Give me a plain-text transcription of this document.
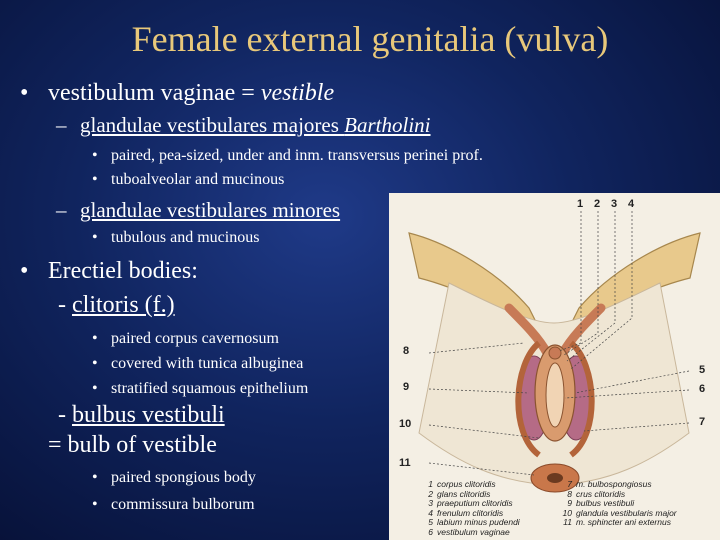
Female external genitalia (vulva)
• vestibulum vaginae = vestible
– glandulae vestibulares majores Bartholini
• paired, pea-sized, under and inm. transversus perinei prof.
• tuboalveolar and mucinous
– glandulae vestibulares minores
• tubulous and mucinous
• Erectiel bodies:
- clitoris (f.)
• paired corpus cavernosum
• covered with tunica albuginea
• stratified squamous epithelium
- bulbus vestibuli
= bulb of vestible
• paired spongious body
• commissura bulborum
1 2 3 4
8
9
10
11
5
6
7
1 corpus clitoridis
2 glans clitoridis
3 praeputium clitoridis
4 frenulum clitoridis
5 labium minus pudendi
6 vestibulum vaginae
7 m. bulbospongiosus
8 crus clitoridis
9 bulbus vestibuli
10 glandula vestibularis major
11 m. sphincter ani externus
